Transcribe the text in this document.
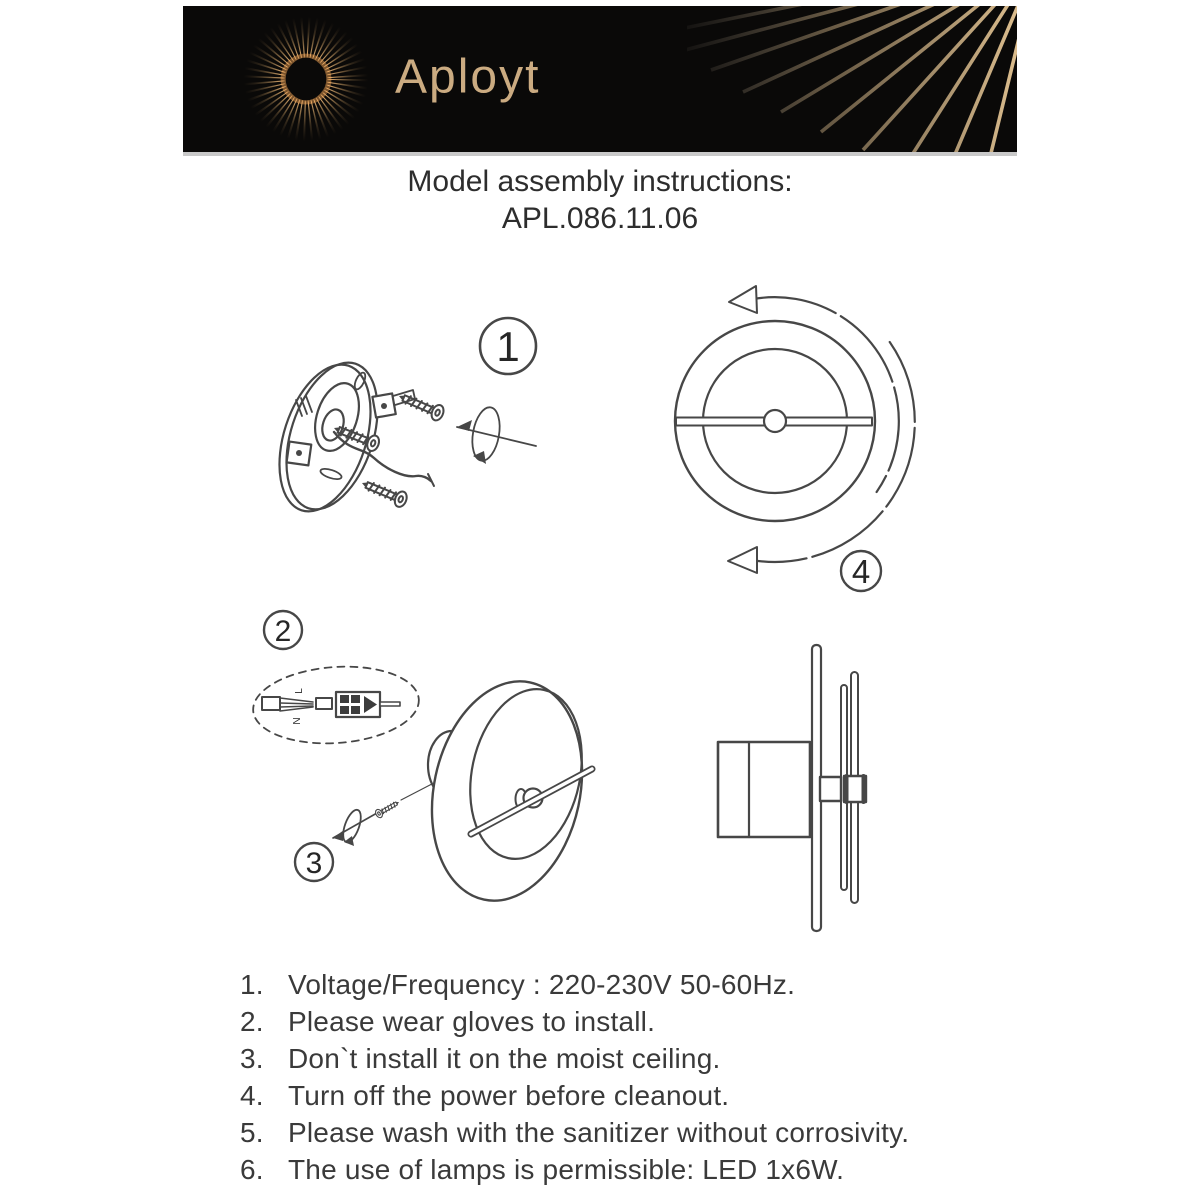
Aployt
Model assembly instructions:
APL.086.11.06
1
4
2
L
N
3
1. Voltage/Frequency : 220-230V 50-60Hz.
2. Please wear gloves to install.
3. Don`t install it on the moist ceiling.
4. Turn off the power before cleanout.
5. Please wash with the sanitizer without corrosivity.
6. The use of lamps is permissible: LED 1x6W.
